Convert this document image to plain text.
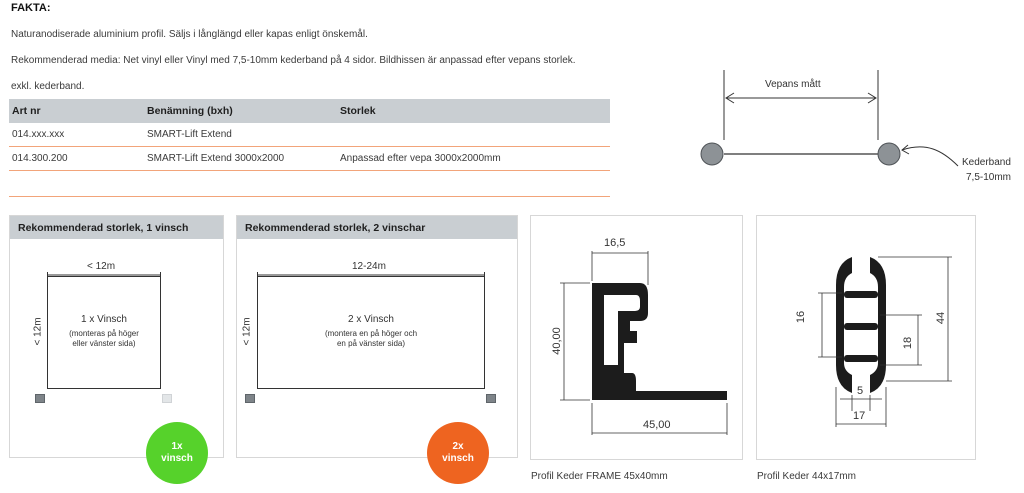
FAKTA:
Naturanodiserade aluminium profil. Säljs i långlängd eller kapas enligt önskemål.
Rekommenderad media: Net vinyl eller Vinyl med 7,5-10mm kederband på 4 sidor. Bildhissen är anpassad efter vepans storlek.
exkl. kederband.
Art nr	Benämning (bxh)	Storlek
014.xxx.xxx	SMART-Lift Extend
014.300.200	SMART-Lift Extend 3000x2000	Anpassad efter vepa 3000x2000mm
Vepans mått
Kederband
7,5-10mm
Rekommenderad storlek, 1 vinsch
< 12m
1 x Vinsch
(monteras på höger
eller vänster sida)
< 12m
1x
vinsch
Rekommenderad storlek, 2 vinschar
12-24m
2 x Vinsch
(montera en på höger och
en på vänster sida)
< 12m
2x
vinsch
16,5
40,00
45,00
Profil Keder FRAME 45x40mm
16	44
18
5
17
Profil Keder 44x17mm
